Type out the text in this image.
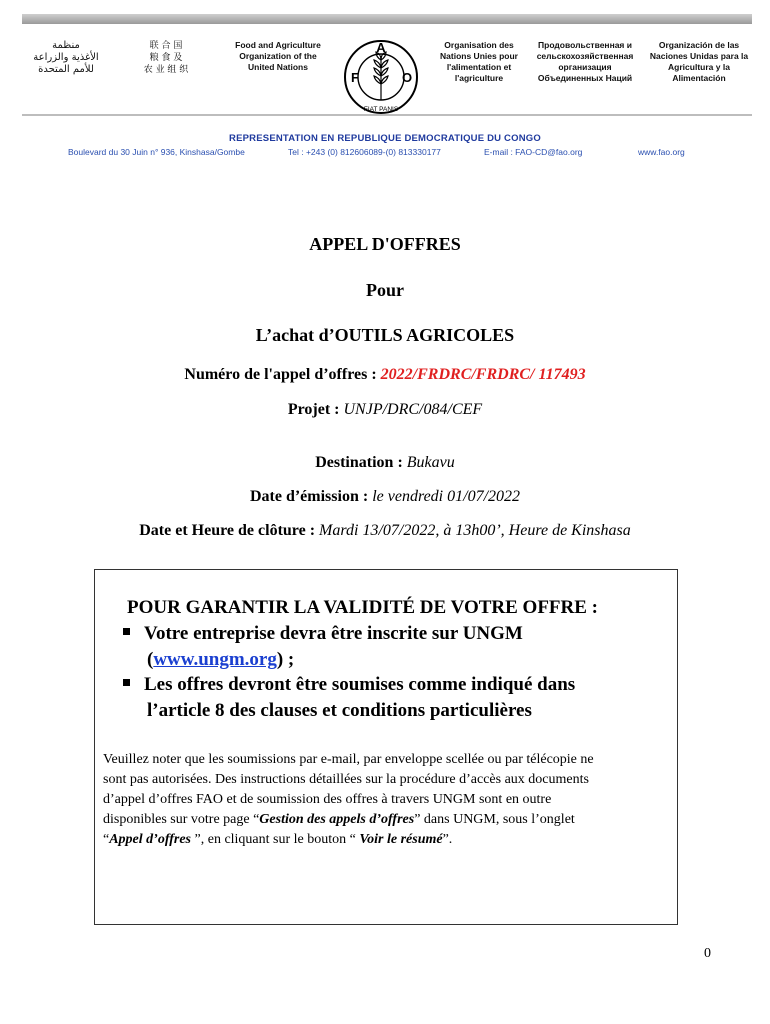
منظمة
الأغذية والزراعة
للأمم المتحدة
联 合 国
粮 食 及
农 业 组 织
Food and Agriculture
Organization of the
United Nations
A
F	O
FIAT PANIS
Organisation des
Nations Unies pour
l'alimentation et
l'agriculture
Продовольственная и
сельскохозяйственная
организация
Объединенных Наций
Organización de las
Naciones Unidas para la
Agricultura y la
Alimentación
REPRESENTATION EN REPUBLIQUE DEMOCRATIQUE DU CONGO
Boulevard du 30 Juin n° 936, Kinshasa/Gombe	Tel : +243 (0) 812606089-(0) 813330177	E-mail : FAO-CD@fao.org	www.fao.org
APPEL D'OFFRES
Pour
L’achat d’OUTILS AGRICOLES
Numéro de l'appel d’offres : 2022/FRDRC/FRDRC/ 117493
Projet : UNJP/DRC/084/CEF
Destination : Bukavu
Date d’émission : le vendredi 01/07/2022
Date et Heure de clôture : Mardi 13/07/2022, à 13h00’, Heure de Kinshasa
POUR GARANTIR LA VALIDITÉ DE VOTRE OFFRE :
Votre entreprise devra être inscrite sur UNGM
(www.ungm.org) ;
Les offres devront être soumises comme indiqué dans
l’article 8 des clauses et conditions particulières

Veuillez noter que les soumissions par e-mail, par enveloppe scellée ou par télécopie ne

sont pas autorisées. Des instructions détaillées sur la procédure d’accès aux documents

d’appel d’offres FAO et de soumission des offres à travers UNGM sont en outre

disponibles sur votre page “Gestion des appels d’offres” dans UNGM, sous l’onglet

“Appel d’offres ”, en cliquant sur le bouton “ Voir le résumé”.

0
